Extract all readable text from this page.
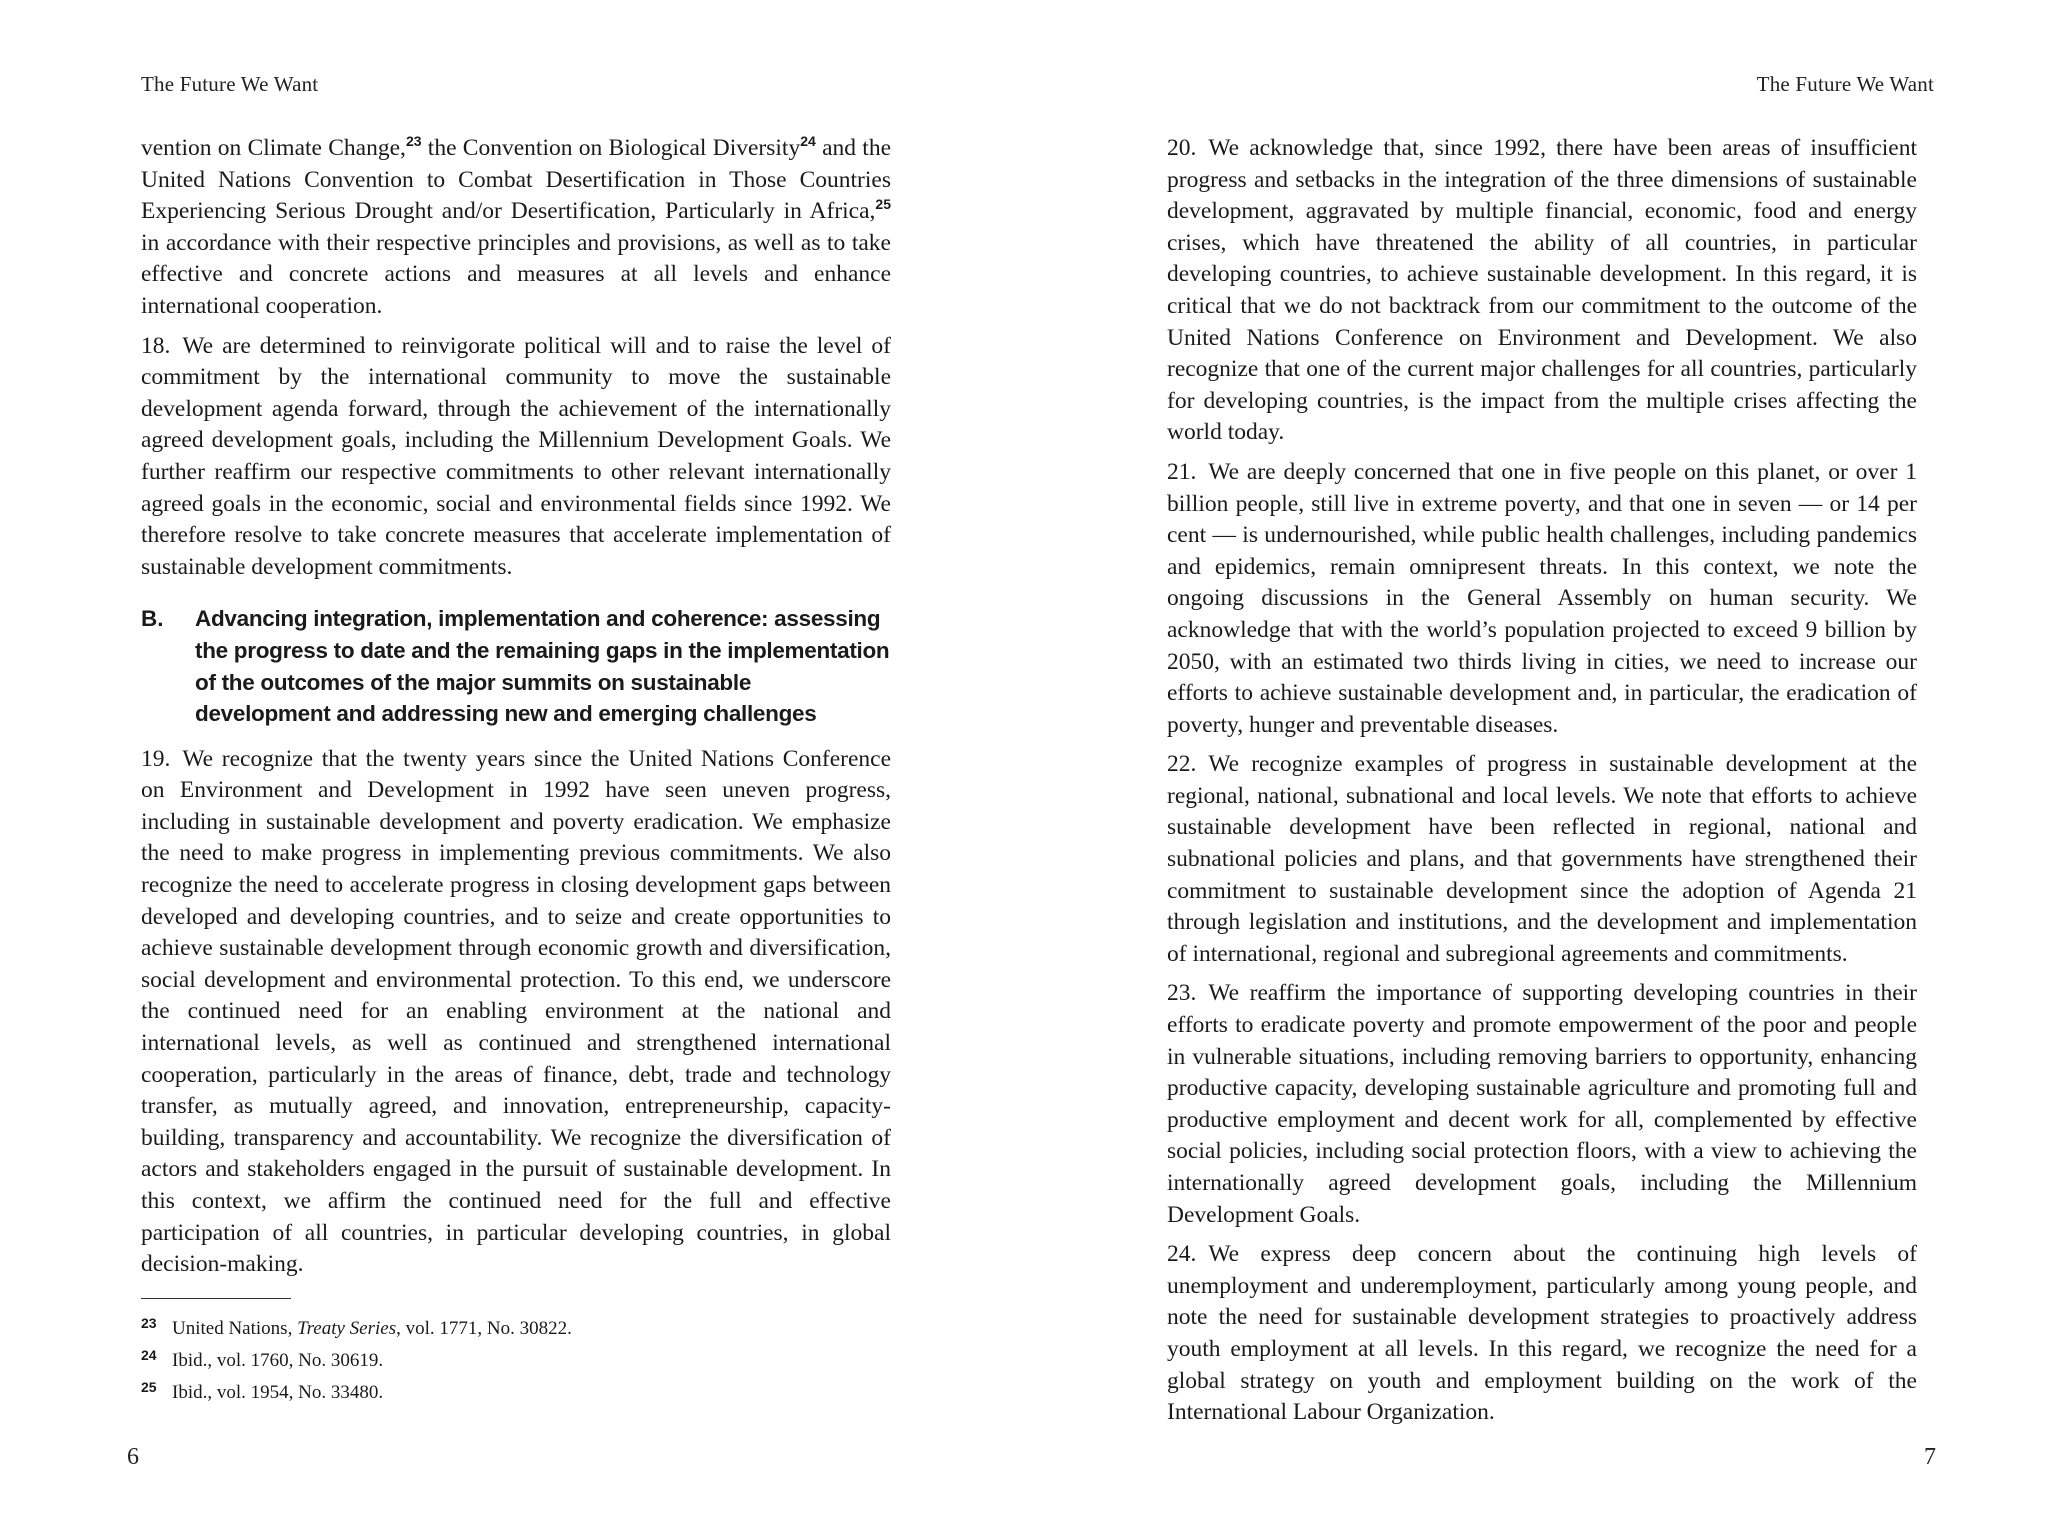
The Future We Want

vention on Climate Change,$^{23}$ the Convention on Biological Diversity$^{24}$ and the United Nations Convention to Combat Desertification in Those Countries Experiencing Serious Drought and/or Desertification, Particularly in Africa,$^{25}$ in accordance with their respective principles and provisions, as well as to take effective and concrete actions and measures at all levels and enhance international cooperation.

18. We are determined to reinvigorate political will and to raise the level of commitment by the international community to move the sustainable development agenda forward, through the achievement of the internationally agreed development goals, including the Millennium Development Goals. We further reaffirm our respective commitments to other relevant internationally agreed goals in the economic, social and environmental fields since 1992. We therefore resolve to take concrete measures that accelerate implementation of sustainable development commitments.

B.	Advancing integration, implementation and coherence: assessing the progress to date and the remaining gaps in the implementation of the outcomes of the major summits on sustainable development and addressing new and emerging challenges

19. We recognize that the twenty years since the United Nations Conference on Environment and Development in 1992 have seen uneven progress, including in sustainable development and poverty eradication. We emphasize the need to make progress in implementing previous commitments. We also recognize the need to accelerate progress in closing development gaps between developed and developing countries, and to seize and create opportunities to achieve sustainable development through economic growth and diversification, social development and environmental protection. To this end, we underscore the continued need for an enabling environment at the national and international levels, as well as continued and strengthened international cooperation, particularly in the areas of finance, debt, trade and technology transfer, as mutually agreed, and innovation, entrepreneurship, capacity-building, transparency and accountability. We recognize the diversification of actors and stakeholders engaged in the pursuit of sustainable development. In this context, we affirm the continued need for the full and effective participation of all countries, in particular developing countries, in global decision-making.

23 United Nations, Treaty Series, vol. 1771, No. 30822.
24 Ibid., vol. 1760, No. 30619.
25 Ibid., vol. 1954, No. 33480.
6
The Future We Want

20. We acknowledge that, since 1992, there have been areas of insufficient progress and setbacks in the integration of the three dimensions of sustainable development, aggravated by multiple financial, economic, food and energy crises, which have threatened the ability of all countries, in particular developing countries, to achieve sustainable development. In this regard, it is critical that we do not backtrack from our commitment to the outcome of the United Nations Conference on Environment and Development. We also recognize that one of the current major challenges for all countries, particularly for developing countries, is the impact from the multiple crises affecting the world today.

21. We are deeply concerned that one in five people on this planet, or over 1 billion people, still live in extreme poverty, and that one in seven — or 14 per cent — is undernourished, while public health challenges, including pandemics and epidemics, remain omnipresent threats. In this context, we note the ongoing discussions in the General Assembly on human security. We acknowledge that with the world’s population projected to exceed 9 billion by 2050, with an estimated two thirds living in cities, we need to increase our efforts to achieve sustainable development and, in particular, the eradication of poverty, hunger and preventable diseases.

22. We recognize examples of progress in sustainable development at the regional, national, subnational and local levels. We note that efforts to achieve sustainable development have been reflected in regional, national and subnational policies and plans, and that governments have strengthened their commitment to sustainable development since the adoption of Agenda 21 through legislation and institutions, and the development and implementation of international, regional and subregional agreements and commitments.

23. We reaffirm the importance of supporting developing countries in their efforts to eradicate poverty and promote empowerment of the poor and people in vulnerable situations, including removing barriers to opportunity, enhancing productive capacity, developing sustainable agriculture and promoting full and productive employment and decent work for all, complemented by effective social policies, including social protection floors, with a view to achieving the internationally agreed development goals, including the Millennium Development Goals.

24. We express deep concern about the continuing high levels of unemployment and underemployment, particularly among young people, and note the need for sustainable development strategies to proactively address youth employment at all levels. In this regard, we recognize the need for a global strategy on youth and employment building on the work of the International Labour Organization.

7
